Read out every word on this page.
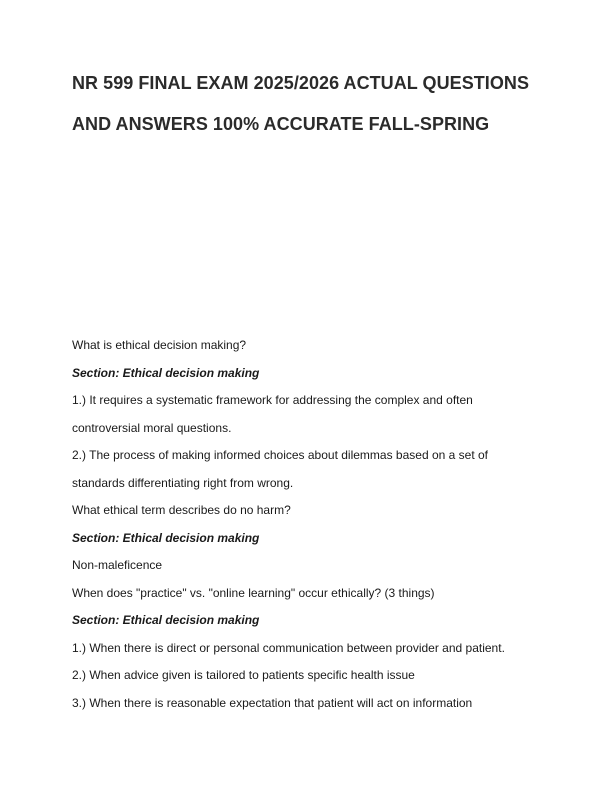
NR 599 FINAL EXAM 2025/2026 ACTUAL QUESTIONS
AND ANSWERS 100% ACCURATE FALL-SPRING
What is ethical decision making?
Section: Ethical decision making
1.) It requires a systematic framework for addressing the complex and often
controversial moral questions.
2.) The process of making informed choices about dilemmas based on a set of
standards differentiating right from wrong.
What ethical term describes do no harm?
Section: Ethical decision making
Non-maleficence
When does "practice" vs. "online learning" occur ethically? (3 things)
Section: Ethical decision making
1.) When there is direct or personal communication between provider and patient.
2.) When advice given is tailored to patients specific health issue
3.) When there is reasonable expectation that patient will act on information
